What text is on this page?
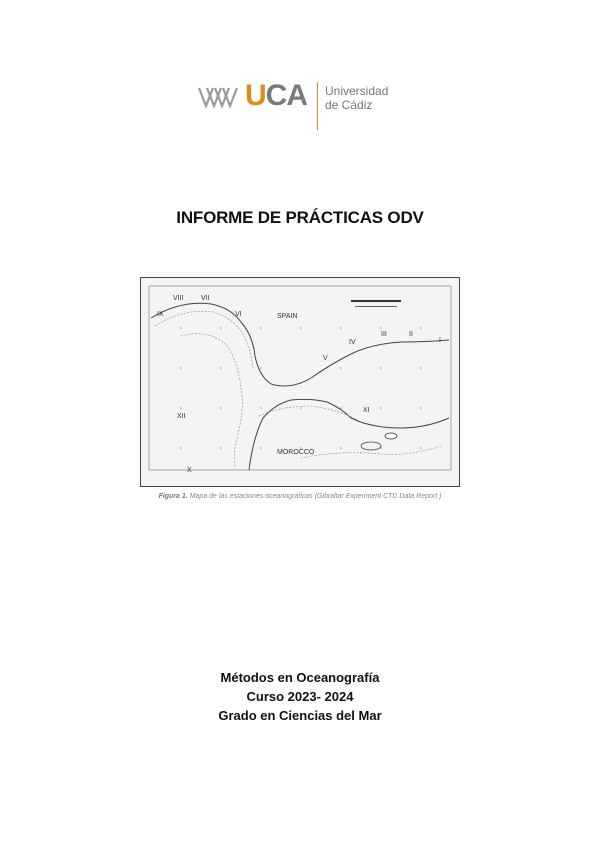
UCA Universidad
de Cádiz
INFORME DE PRÁCTICAS ODV
SPAIN
MOROCCO
IX
VIII VII
VI
V
IV
III	II
I
XI
XII
X
Figura 1. Mapa de las estaciones oceanográficas (Gibraltar Experiment CTD Data Report )
Métodos en Oceanografía
Curso 2023- 2024
Grado en Ciencias del Mar
